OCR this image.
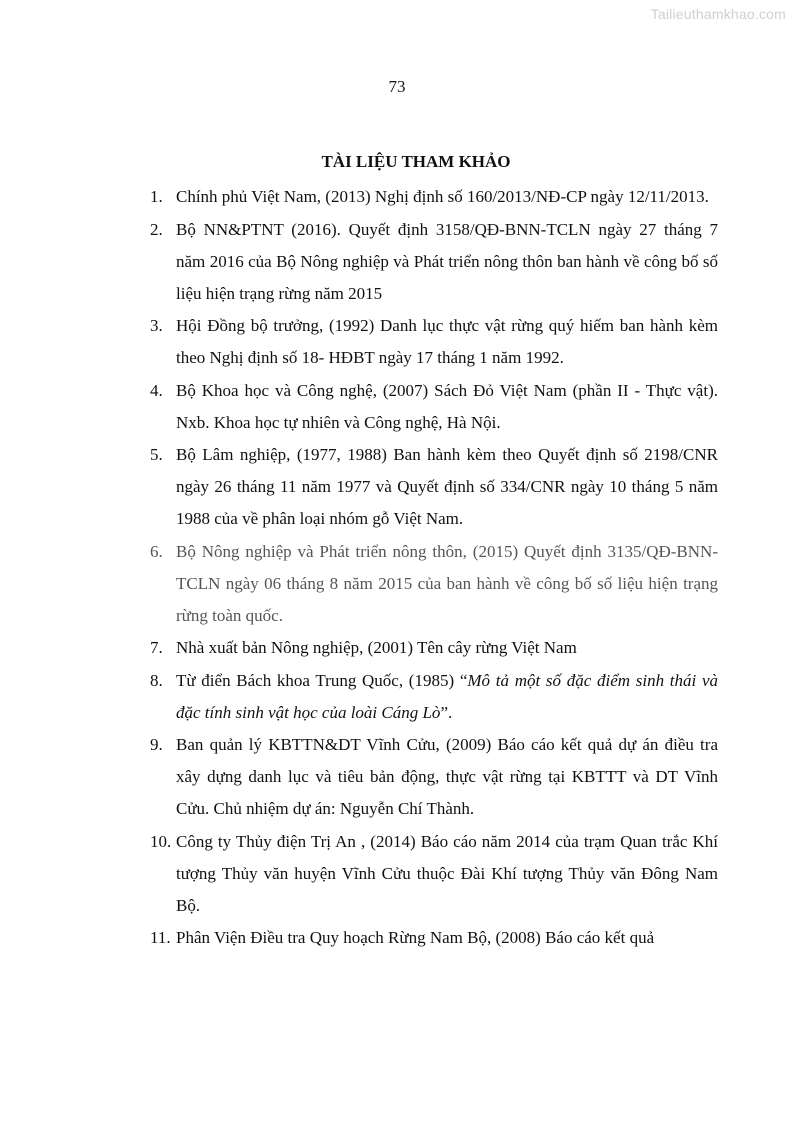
Tailieuthamkhao.com
73
TÀI LIỆU THAM KHẢO
1. Chính phủ Việt Nam, (2013) Nghị định số 160/2013/NĐ-CP ngày 12/11/2013.
2. Bộ NN&PTNT (2016). Quyết định 3158/QĐ-BNN-TCLN ngày 27 tháng 7 năm 2016 của Bộ Nông nghiệp và Phát triển nông thôn ban hành về công bố số liệu hiện trạng rừng năm 2015
3. Hội Đồng bộ trưởng, (1992) Danh lục thực vật rừng quý hiếm ban hành kèm theo Nghị định số 18- HĐBT ngày 17 tháng 1 năm 1992.
4. Bộ Khoa học và Công nghệ, (2007) Sách Đỏ Việt Nam (phần II - Thực vật). Nxb. Khoa học tự nhiên và Công nghệ, Hà Nội.
5. Bộ Lâm nghiệp, (1977, 1988) Ban hành kèm theo Quyết định số 2198/CNR ngày 26 tháng 11 năm 1977 và Quyết định số 334/CNR ngày 10 tháng 5 năm 1988 của về phân loại nhóm gỗ Việt Nam.
6. Bộ Nông nghiệp và Phát triển nông thôn, (2015) Quyết định 3135/QĐ-BNN-TCLN ngày 06 tháng 8 năm 2015 của ban hành về công bố số liệu hiện trạng rừng toàn quốc.
7. Nhà xuất bản Nông nghiệp, (2001) Tên cây rừng Việt Nam
8. Từ điển Bách khoa Trung Quốc, (1985) “Mô tả một số đặc điểm sinh thái và đặc tính sinh vật học của loài Cáng Lò”.
9. Ban quản lý KBTTN&DT Vĩnh Cửu, (2009) Báo cáo kết quả dự án điều tra xây dựng danh lục và tiêu bản động, thực vật rừng tại KBTTT và DT Vĩnh Cửu. Chủ nhiệm dự án: Nguyễn Chí Thành.
10. Công ty Thủy điện Trị An , (2014) Báo cáo năm 2014 của trạm Quan trắc Khí tượng Thủy văn huyện Vĩnh Cửu thuộc Đài Khí tượng Thủy văn Đông Nam Bộ.
11. Phân Viện Điều tra Quy hoạch Rừng Nam Bộ, (2008) Báo cáo kết quả
